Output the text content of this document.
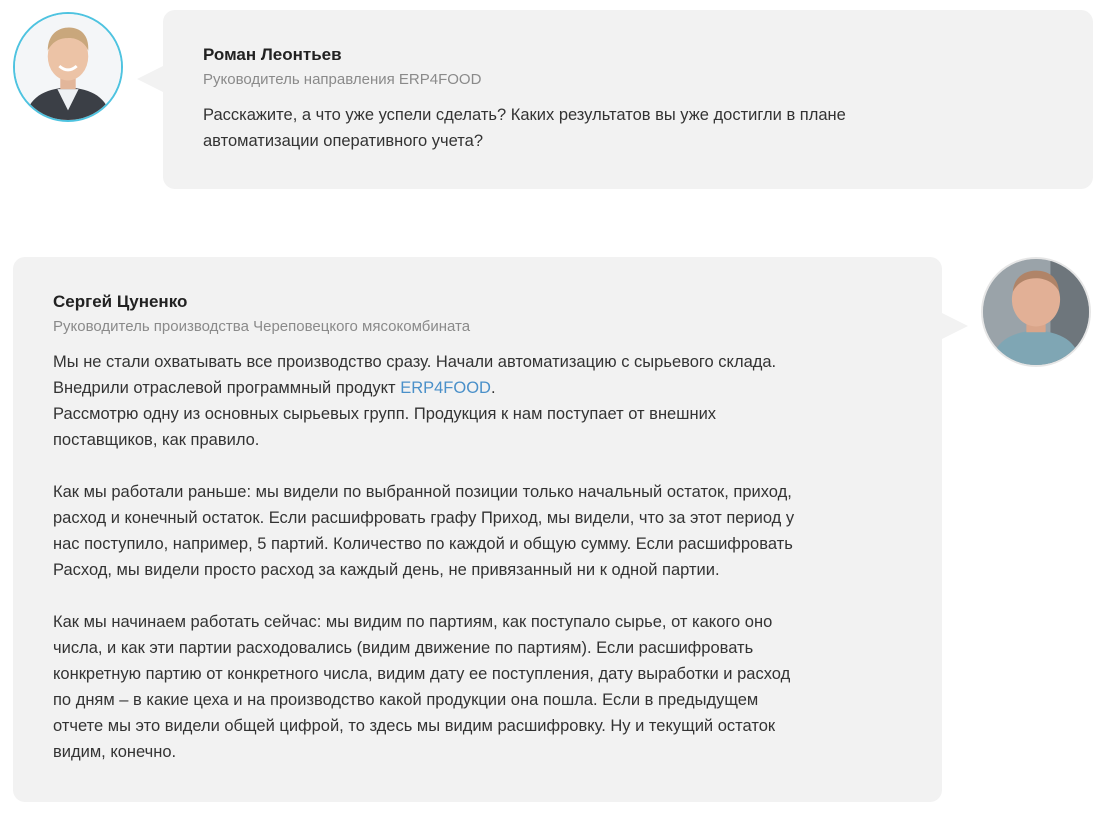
Роман Леонтьев

Руководитель направления ERP4FOOD

Расскажите, а что уже успели сделать? Каких результатов вы уже достигли в плане

автоматизации оперативного учета?

Сергей Цуненко

Руководитель производства Череповецкого мясокомбината

Мы не стали охватывать все производство сразу. Начали автоматизацию с сырьевого склада.

Внедрили отраслевой программный продукт ERP4FOOD.

Рассмотрю одну из основных сырьевых групп. Продукция к нам поступает от внешних

поставщиков, как правило.

Как мы работали раньше: мы видели по выбранной позиции только начальный остаток, приход,

расход и конечный остаток. Если расшифровать графу Приход, мы видели, что за этот период у

нас поступило, например, 5 партий. Количество по каждой и общую сумму. Если расшифровать

Расход, мы видели просто расход за каждый день, не привязанный ни к одной партии.

Как мы начинаем работать сейчас: мы видим по партиям, как поступало сырье, от какого оно

числа, и как эти партии расходовались (видим движение по партиям). Если расшифровать

конкретную партию от конкретного числа, видим дату ее поступления, дату выработки и расход

по дням – в какие цеха и на производство какой продукции она пошла. Если в предыдущем

отчете мы это видели общей цифрой, то здесь мы видим расшифровку. Ну и текущий остаток

видим, конечно.
